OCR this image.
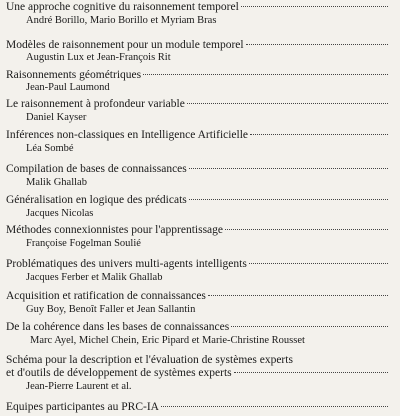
Une approche cognitive du raisonnement temporel
André Borillo, Mario Borillo et Myriam Bras
Modèles de raisonnement pour un module temporel
Augustin Lux et Jean-François Rit
Raisonnements géométriques
Jean-Paul Laumond
Le raisonnement à profondeur variable
Daniel Kayser
Inférences non-classiques en Intelligence Artificielle
Léa Sombé
Compilation de bases de connaissances
Malik Ghallab
Généralisation en logique des prédicats
Jacques Nicolas
Méthodes connexionnistes pour l'apprentissage
Françoise Fogelman Soulié
Problématiques des univers multi-agents intelligents
Jacques Ferber et Malik Ghallab
Acquisition et ratification de connaissances
Guy Boy, Benoît Faller et Jean Sallantin
De la cohérence dans les bases de connaissances
Marc Ayel, Michel Chein, Eric Pipard et Marie-Christine Rousset
Schéma pour la description et l'évaluation de systèmes experts
et d'outils de développement de systèmes experts
Jean-Pierre Laurent et al.
Equipes participantes au PRC-IA
